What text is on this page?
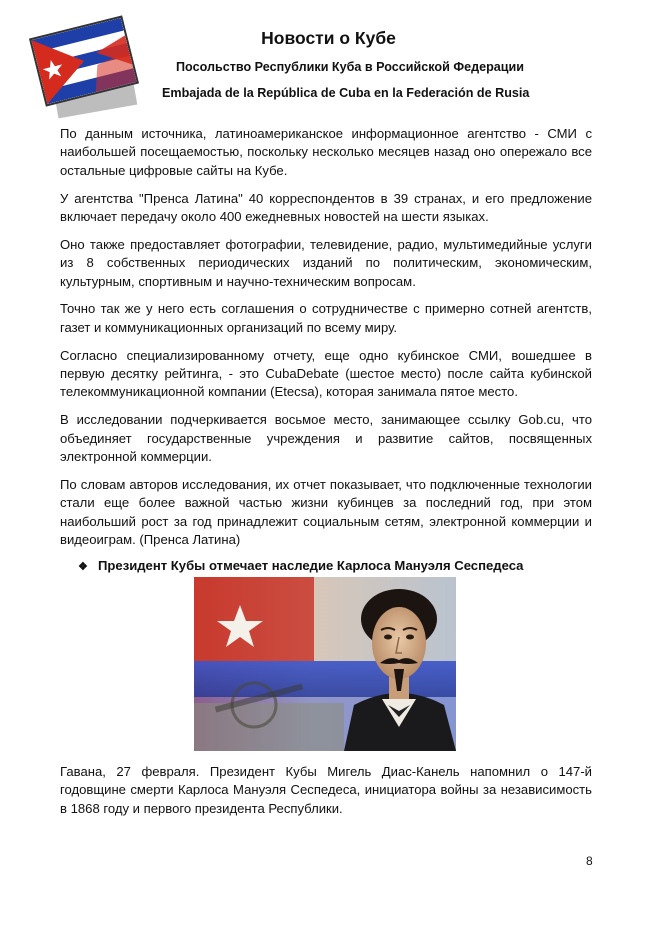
Новости о Кубе
Посольство Республики Куба в Российской Федерации
Embajada de la República de Cuba en la Federación de Rusia

По данным источника, латиноамериканское информационное агентство - СМИ с наибольшей посещаемостью, поскольку несколько месяцев назад оно опережало все остальные цифровые сайты на Кубе.

У агентства "Пренса Латина" 40 корреспондентов в 39 странах, и его предложение включает передачу около 400 ежедневных новостей на шести языках.

Оно также предоставляет фотографии, телевидение, радио, мультимедийные услуги из 8 собственных периодических изданий по политическим, экономическим, культурным, спортивным и научно-техническим вопросам.

Точно так же у него есть соглашения о сотрудничестве с примерно сотней агентств, газет и коммуникационных организаций по всему миру.

Согласно специализированному отчету, еще одно кубинское СМИ, вошедшее в первую десятку рейтинга, - это CubaDebate (шестое место) после сайта кубинской телекоммуникационной компании (Etecsa), которая занимала пятое место.

В исследовании подчеркивается восьмое место, занимающее ссылку Gob.cu, что объединяет государственные учреждения и развитие сайтов, посвященных электронной коммерции.

По словам авторов исследования, их отчет показывает, что подключенные технологии стали еще более важной частью жизни кубинцев за последний год, при этом наибольший рост за год принадлежит социальным сетям, электронной коммерции и видеоиграм. (Пренса Латина)

❖ Президент Кубы отмечает наследие Карлоса Мануэля Сеспедеса

Гавана, 27 февраля. Президент Кубы Мигель Диас-Канель напомнил о 147-й годовщине смерти Карлоса Мануэля Сеспедеса, инициатора войны за независимость в 1868 году и первого президента Республики.

8
